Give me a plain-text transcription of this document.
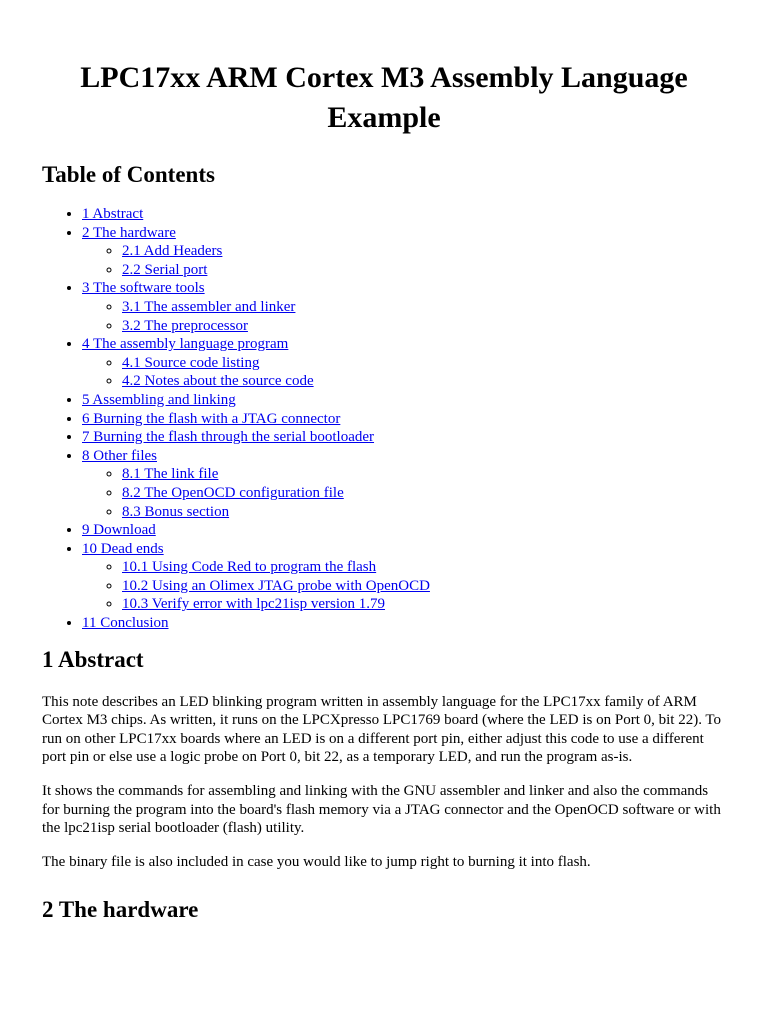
LPC17xx ARM Cortex M3 Assembly Language Example
Table of Contents
• 1 Abstract
• 2 The hardware
◦ 2.1 Add Headers
◦ 2.2 Serial port
• 3 The software tools
◦ 3.1 The assembler and linker
◦ 3.2 The preprocessor
• 4 The assembly language program
◦ 4.1 Source code listing
◦ 4.2 Notes about the source code
• 5 Assembling and linking
• 6 Burning the flash with a JTAG connector
• 7 Burning the flash through the serial bootloader
• 8 Other files
◦ 8.1 The link file
◦ 8.2 The OpenOCD configuration file
◦ 8.3 Bonus section
• 9 Download
• 10 Dead ends
◦ 10.1 Using Code Red to program the flash
◦ 10.2 Using an Olimex JTAG probe with OpenOCD
◦ 10.3 Verify error with lpc21isp version 1.79
• 11 Conclusion
1 Abstract

This note describes an LED blinking program written in assembly language for the LPC17xx family of ARM Cortex M3 chips. As written, it runs on the LPCXpresso LPC1769 board (where the LED is on Port 0, bit 22). To run on other LPC17xx boards where an LED is on a different port pin, either adjust this code to use a different port pin or else use a logic probe on Port 0, bit 22, as a temporary LED, and run the program as-is.

It shows the commands for assembling and linking with the GNU assembler and linker and also the commands for burning the program into the board's flash memory via a JTAG connector and the OpenOCD software or with the lpc21isp serial bootloader (flash) utility.

The binary file is also included in case you would like to jump right to burning it into flash.

2 The hardware
